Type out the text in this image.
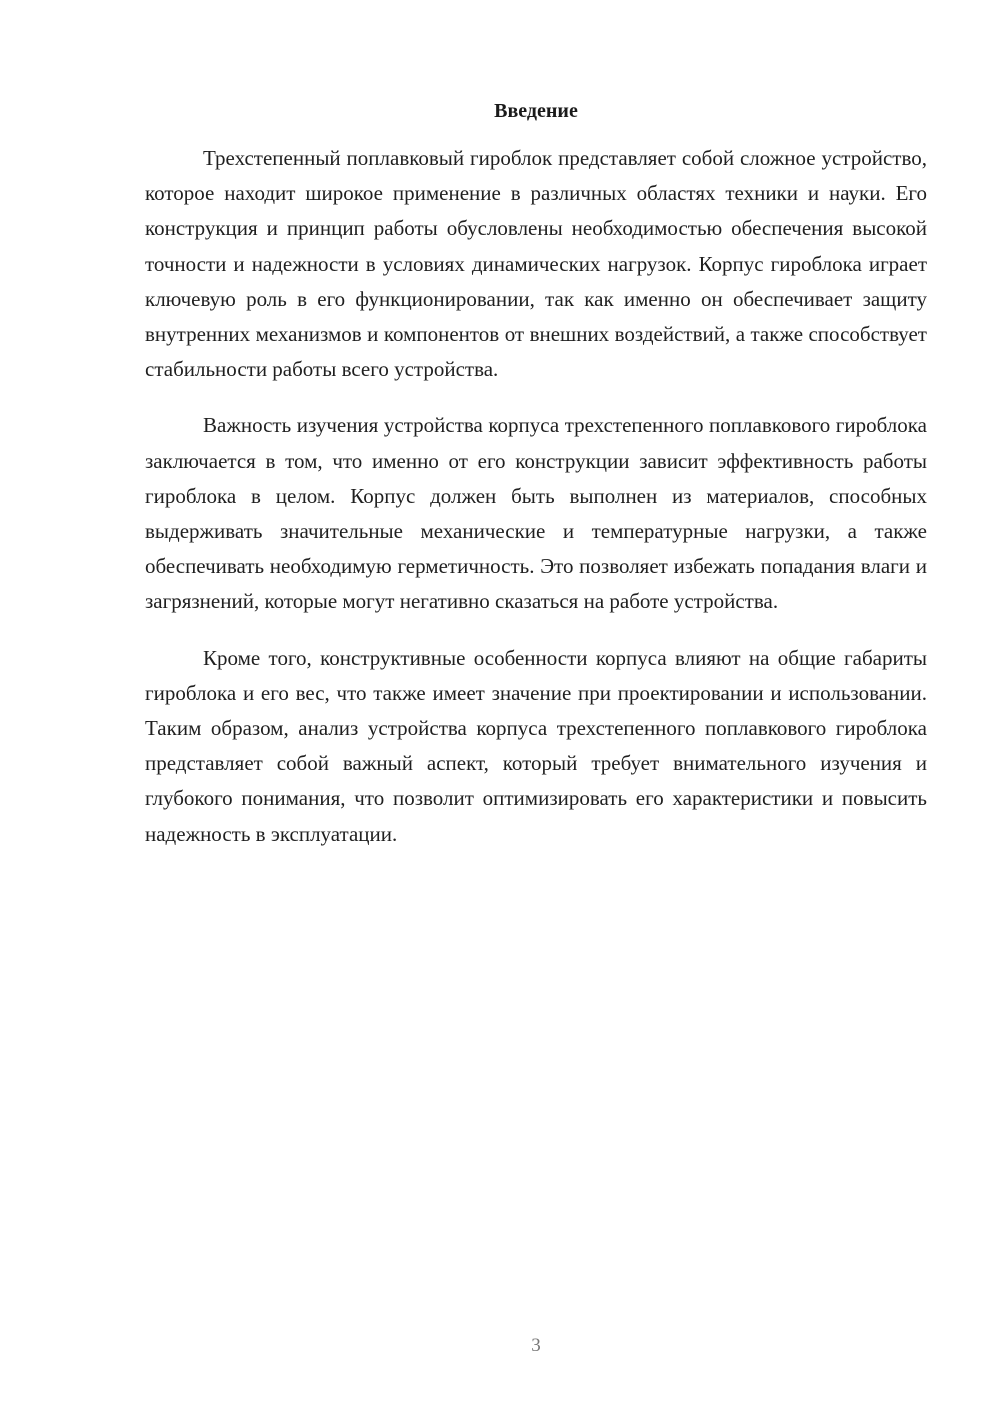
Введение

Трехстепенный поплавковый гироблок представляет собой сложное устройство, которое находит широкое применение в различных областях техники и науки. Его конструкция и принцип работы обусловлены необходимостью обеспечения высокой точности и надежности в условиях динамических нагрузок. Корпус гироблока играет ключевую роль в его функционировании, так как именно он обеспечивает защиту внутренних механизмов и компонентов от внешних воздействий, а также способствует стабильности работы всего устройства.

Важность изучения устройства корпуса трехстепенного поплавкового гироблока заключается в том, что именно от его конструкции зависит эффективность работы гироблока в целом. Корпус должен быть выполнен из материалов, способных выдерживать значительные механические и температурные нагрузки, а также обеспечивать необходимую герметичность. Это позволяет избежать попадания влаги и загрязнений, которые могут негативно сказаться на работе устройства.

Кроме того, конструктивные особенности корпуса влияют на общие габариты гироблока и его вес, что также имеет значение при проектировании и использовании. Таким образом, анализ устройства корпуса трехстепенного поплавкового гироблока представляет собой важный аспект, который требует внимательного изучения и глубокого понимания, что позволит оптимизировать его характеристики и повысить надежность в эксплуатации.

3
